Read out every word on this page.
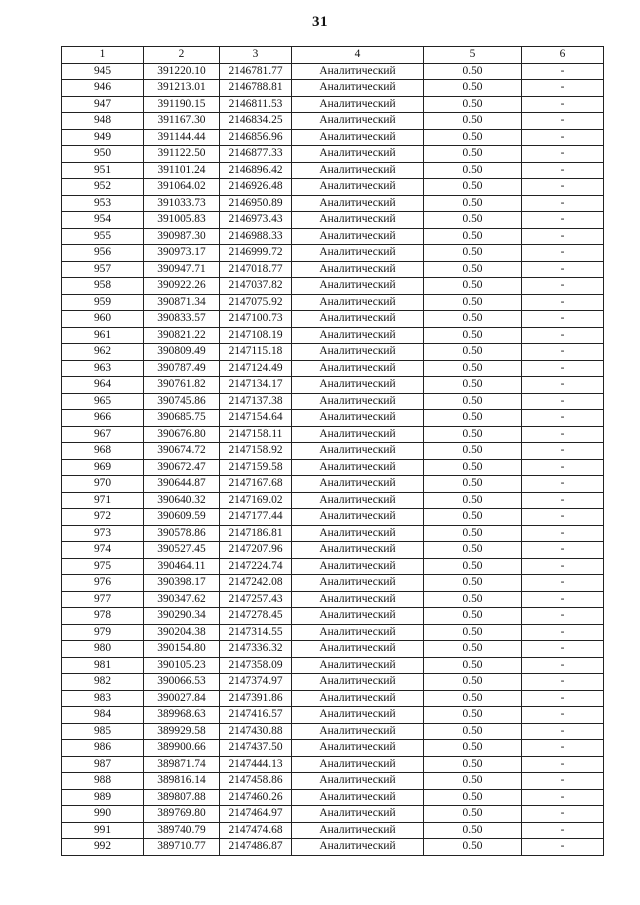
31
1	2	3	4	5	6
945	391220.10	2146781.77	Аналитический	0.50	-
946	391213.01	2146788.81	Аналитический	0.50	-
947	391190.15	2146811.53	Аналитический	0.50	-
948	391167.30	2146834.25	Аналитический	0.50	-
949	391144.44	2146856.96	Аналитический	0.50	-
950	391122.50	2146877.33	Аналитический	0.50	-
951	391101.24	2146896.42	Аналитический	0.50	-
952	391064.02	2146926.48	Аналитический	0.50	-
953	391033.73	2146950.89	Аналитический	0.50	-
954	391005.83	2146973.43	Аналитический	0.50	-
955	390987.30	2146988.33	Аналитический	0.50	-
956	390973.17	2146999.72	Аналитический	0.50	-
957	390947.71	2147018.77	Аналитический	0.50	-
958	390922.26	2147037.82	Аналитический	0.50	-
959	390871.34	2147075.92	Аналитический	0.50	-
960	390833.57	2147100.73	Аналитический	0.50	-
961	390821.22	2147108.19	Аналитический	0.50	-
962	390809.49	2147115.18	Аналитический	0.50	-
963	390787.49	2147124.49	Аналитический	0.50	-
964	390761.82	2147134.17	Аналитический	0.50	-
965	390745.86	2147137.38	Аналитический	0.50	-
966	390685.75	2147154.64	Аналитический	0.50	-
967	390676.80	2147158.11	Аналитический	0.50	-
968	390674.72	2147158.92	Аналитический	0.50	-
969	390672.47	2147159.58	Аналитический	0.50	-
970	390644.87	2147167.68	Аналитический	0.50	-
971	390640.32	2147169.02	Аналитический	0.50	-
972	390609.59	2147177.44	Аналитический	0.50	-
973	390578.86	2147186.81	Аналитический	0.50	-
974	390527.45	2147207.96	Аналитический	0.50	-
975	390464.11	2147224.74	Аналитический	0.50	-
976	390398.17	2147242.08	Аналитический	0.50	-
977	390347.62	2147257.43	Аналитический	0.50	-
978	390290.34	2147278.45	Аналитический	0.50	-
979	390204.38	2147314.55	Аналитический	0.50	-
980	390154.80	2147336.32	Аналитический	0.50	-
981	390105.23	2147358.09	Аналитический	0.50	-
982	390066.53	2147374.97	Аналитический	0.50	-
983	390027.84	2147391.86	Аналитический	0.50	-
984	389968.63	2147416.57	Аналитический	0.50	-
985	389929.58	2147430.88	Аналитический	0.50	-
986	389900.66	2147437.50	Аналитический	0.50	-
987	389871.74	2147444.13	Аналитический	0.50	-
988	389816.14	2147458.86	Аналитический	0.50	-
989	389807.88	2147460.26	Аналитический	0.50	-
990	389769.80	2147464.97	Аналитический	0.50	-
991	389740.79	2147474.68	Аналитический	0.50	-
992	389710.77	2147486.87	Аналитический	0.50	-
